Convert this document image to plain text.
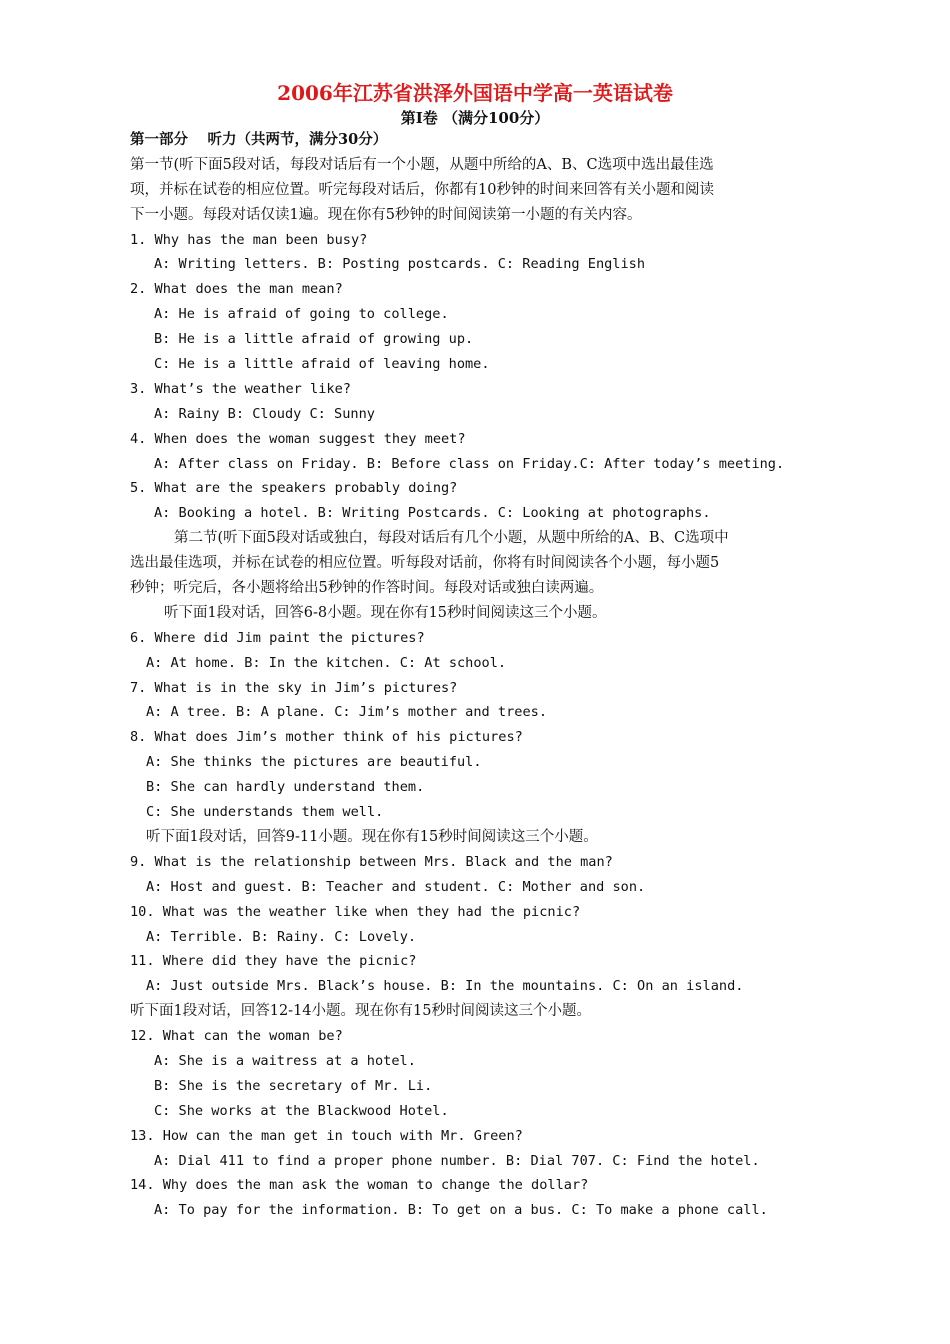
2006年江苏省洪泽外国语中学高一英语试卷
第Ⅰ卷 （满分100分）
第一部分　 听力（共两节，满分30分）
第一节(听下面5段对话，每段对话后有一个小题，从题中所给的A、B、C选项中选出最佳选
项，并标在试卷的相应位置。听完每段对话后，你都有10秒钟的时间来回答有关小题和阅读
下一小题。每段对话仅读1遍。现在你有5秒钟的时间阅读第一小题的有关内容。
1. Why has the man been busy?
A: Writing letters. B: Posting postcards. C: Reading English
2. What does the man mean?
A: He is afraid of going to college.
B: He is a little afraid of growing up.
C: He is a little afraid of leaving home.
3. What’s the weather like?
A: Rainy B: Cloudy C: Sunny
4. When does the woman suggest they meet?
A: After class on Friday. B: Before class on Friday.C: After today’s meeting.
5. What are the speakers probably doing?
A: Booking a hotel. B: Writing Postcards. C: Looking at photographs.
第二节(听下面5段对话或独白，每段对话后有几个小题，从题中所给的A、B、C选项中
选出最佳选项，并标在试卷的相应位置。听每段对话前，你将有时间阅读各个小题，每小题5
秒钟；听完后，各小题将给出5秒钟的作答时间。每段对话或独白读两遍。
听下面1段对话，回答6-8小题。现在你有15秒时间阅读这三个小题。
6. Where did Jim paint the pictures?
A: At home. B: In the kitchen. C: At school.
7. What is in the sky in Jim’s pictures?
A: A tree. B: A plane. C: Jim’s mother and trees.
8. What does Jim’s mother think of his pictures?
A: She thinks the pictures are beautiful.
B: She can hardly understand them.
C: She understands them well.
听下面1段对话，回答9-11小题。现在你有15秒时间阅读这三个小题。
9. What is the relationship between Mrs. Black and the man?
A: Host and guest. B: Teacher and student. C: Mother and son.
10. What was the weather like when they had the picnic?
A: Terrible. B: Rainy. C: Lovely.
11. Where did they have the picnic?
A: Just outside Mrs. Black’s house. B: In the mountains. C: On an island.
听下面1段对话，回答12-14小题。现在你有15秒时间阅读这三个小题。
12. What can the woman be?
A: She is a waitress at a hotel.
B: She is the secretary of Mr. Li.
C: She works at the Blackwood Hotel.
13. How can the man get in touch with Mr. Green?
A: Dial 411 to find a proper phone number. B: Dial 707. C: Find the hotel.
14. Why does the man ask the woman to change the dollar?
A: To pay for the information. B: To get on a bus. C: To make a phone call.
